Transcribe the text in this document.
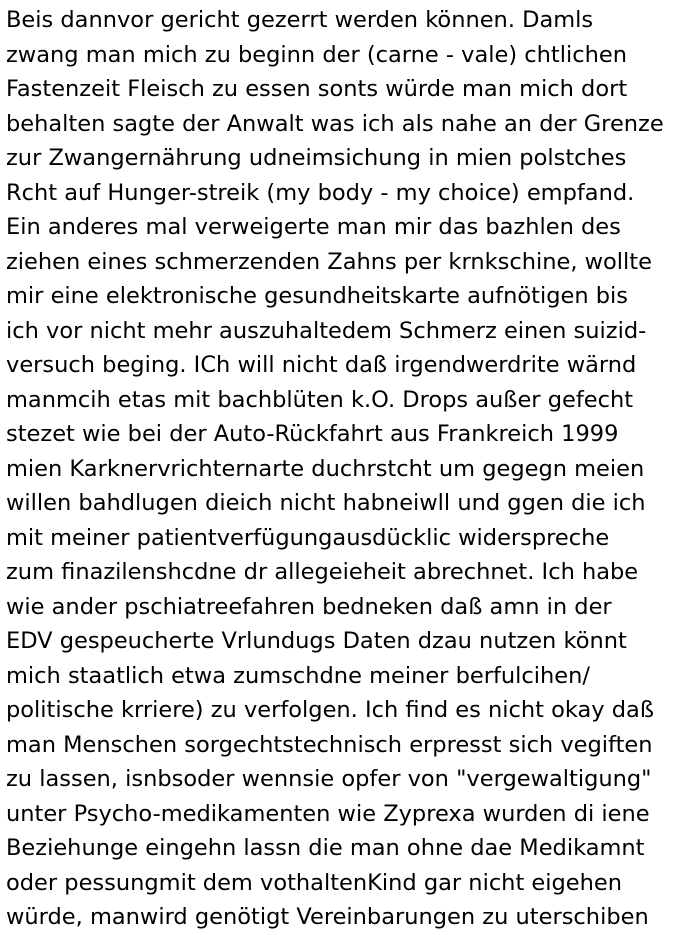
Beis dannvor gericht gezerrt werden können. Damls
zwang man mich zu beginn der (carne - vale) chtlichen
Fastenzeit Fleisch zu essen sonts würde man mich dort
behalten sagte der Anwalt was ich als nahe an der Grenze
zur Zwangernährung udneimsichung in mien polstches
Rcht auf Hunger-streik (my body - my choice) empfand.
Ein anderes mal verweigerte man mir das bazhlen des
ziehen eines schmerzenden Zahns per krnkschine, wollte
mir eine elektronische gesundheitskarte aufnötigen bis
ich vor nicht mehr auszuhaltedem Schmerz einen suizid-
versuch beging. ICh will nicht daß irgendwerdrite wärnd
manmcih etas mit bachblüten k.O. Drops außer gefecht
stezet wie bei der Auto-Rückfahrt aus Frankreich 1999
mien Karknervrichternarte duchrstcht um gegegn meien
willen bahdlugen dieich nicht habneiwll und ggen die ich
mit meiner patientverfügungausdücklic widerspreche
zum finazilenshcdne dr allegeieheit abrechnet. Ich habe
wie ander pschiatreefahren bedneken daß amn in der
EDV gespeucherte Vrlundugs Daten dzau nutzen könnt
mich staatlich etwa zumschdne meiner berfulcihen/
politische krriere) zu verfolgen. Ich find es nicht okay daß
man Menschen sorgechtstechnisch erpresst sich vegiften
zu lassen, isnbsoder wennsie opfer von "vergewaltigung"
unter Psycho-medikamenten wie Zyprexa wurden di iene
Beziehunge eingehn lassn die man ohne dae Medikamnt
oder pessungmit dem vothaltenKind gar nicht eigehen
würde, manwird genötigt Vereinbarungen zu uterschiben
